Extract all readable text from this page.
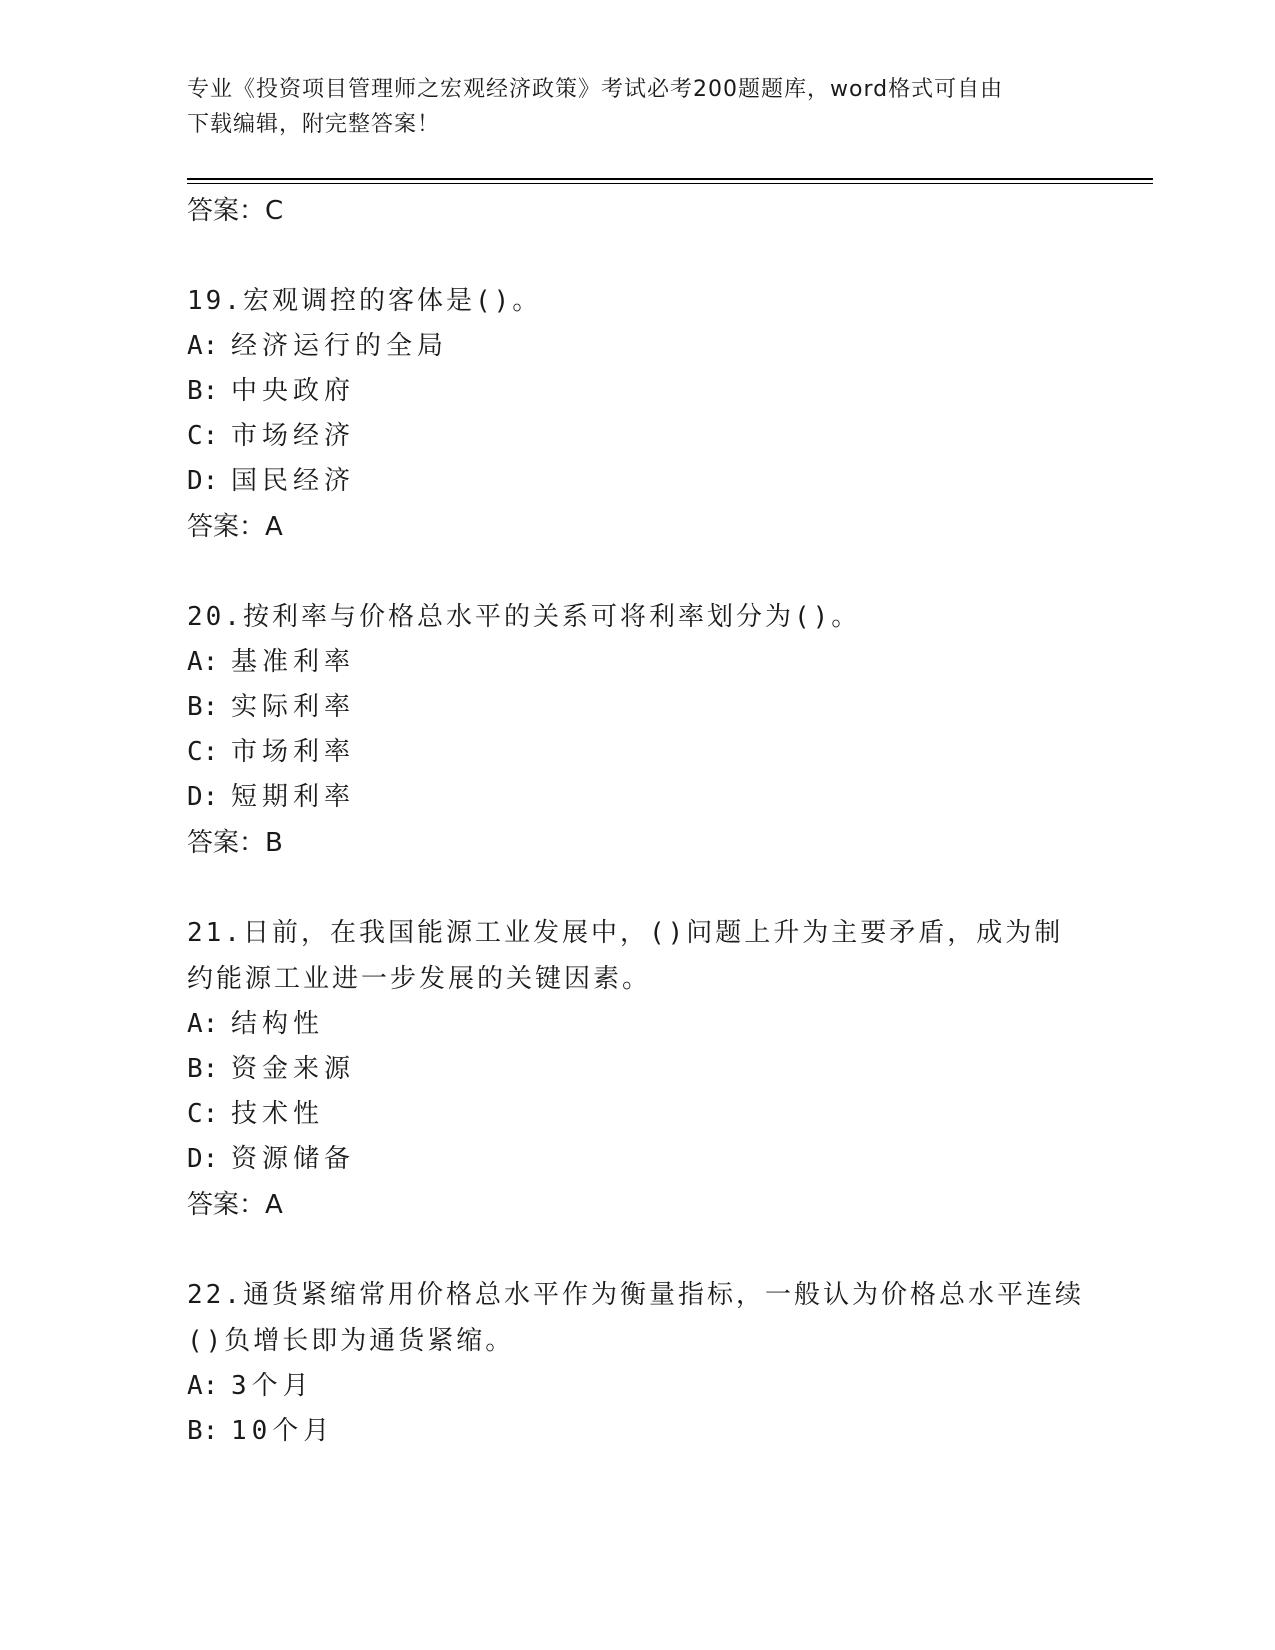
专业《投资项目管理师之宏观经济政策》考试必考200题题库，word格式可自由
下载编辑，附完整答案！
答案：C
19.宏观调控的客体是()。
A: 经济运行的全局
B: 中央政府
C: 市场经济
D: 国民经济
答案：A
20.按利率与价格总水平的关系可将利率划分为()。
A: 基准利率
B: 实际利率
C: 市场利率
D: 短期利率
答案：B
21.日前，在我国能源工业发展中，()问题上升为主要矛盾，成为制约能源工业进一步发展的关键因素。
A: 结构性
B: 资金来源
C: 技术性
D: 资源储备
答案：A
22.通货紧缩常用价格总水平作为衡量指标，一般认为价格总水平连续()负增长即为通货紧缩。
A: 3个月
B: 10个月
